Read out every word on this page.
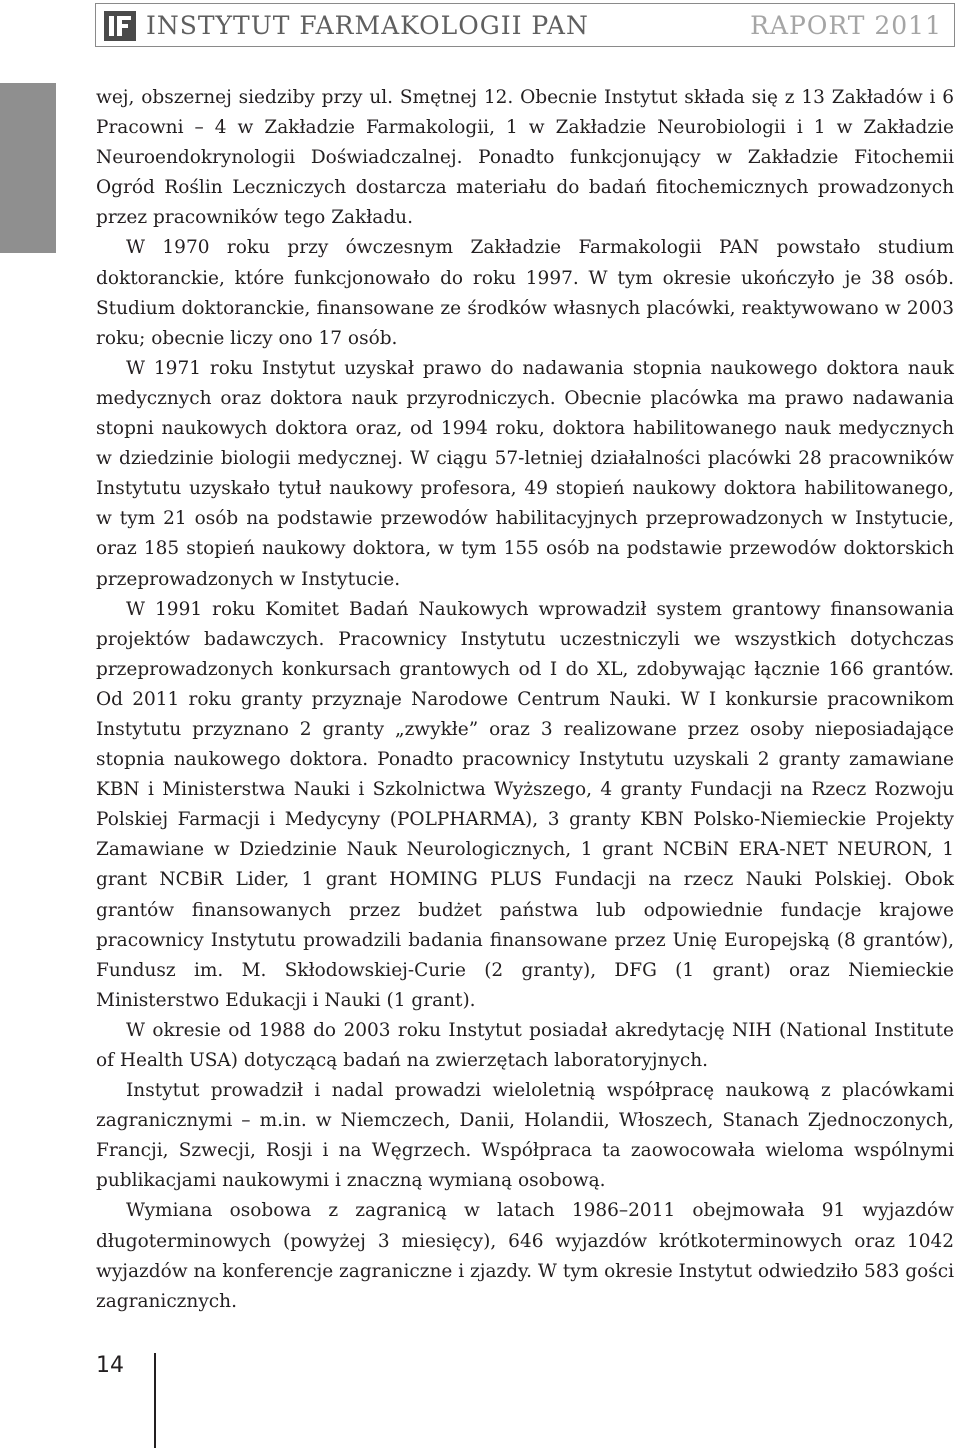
INSTYTUT FARMAKOLOGII PAN	RAPORT 2011

wej, obszernej siedziby przy ul. Smętnej 12. Obecnie Instytut składa się z 13 Zakładów i 6 Pracowni – 4 w Zakładzie Farmakologii, 1 w Zakładzie Neurobiologii i 1 w Zakładzie Neuroendokrynologii Doświadczalnej. Ponadto funkcjonujący w Zakładzie Fitochemii Ogród Roślin Leczniczych dostarcza materiału do badań fitochemicznych prowadzonych przez pracowników tego Zakładu.

W 1970 roku przy ówczesnym Zakładzie Farmakologii PAN powstało studium doktoranckie, które funkcjonowało do roku 1997. W tym okresie ukończyło je 38 osób. Studium doktoranckie, finansowane ze środków własnych placówki, reaktywowano w 2003 roku; obecnie liczy ono 17 osób.

W 1971 roku Instytut uzyskał prawo do nadawania stopnia naukowego doktora nauk medycznych oraz doktora nauk przyrodniczych. Obecnie placówka ma prawo nadawania stopni naukowych doktora oraz, od 1994 roku, doktora habilitowanego nauk medycznych w dziedzinie biologii medycznej. W ciągu 57-letniej działalności placówki 28 pracowników Instytutu uzyskało tytuł naukowy profesora, 49 stopień naukowy doktora habilitowanego, w tym 21 osób na podstawie przewodów habilitacyjnych przeprowadzonych w Instytucie, oraz 185 stopień naukowy doktora, w tym 155 osób na podstawie przewodów doktorskich przeprowadzonych w Instytucie.

W 1991 roku Komitet Badań Naukowych wprowadził system grantowy finansowania projektów badawczych. Pracownicy Instytutu uczestniczyli we wszystkich dotychczas przeprowadzonych konkursach grantowych od I do XL, zdobywając łącznie 166 grantów. Od 2011 roku granty przyznaje Narodowe Centrum Nauki. W I konkursie pracownikom Instytutu przyznano 2 granty „zwykłe” oraz 3 realizowane przez osoby nieposiadające stopnia naukowego doktora. Ponadto pracownicy Instytutu uzyskali 2 granty zamawiane KBN i Ministerstwa Nauki i Szkolnictwa Wyższego, 4 granty Fundacji na Rzecz Rozwoju Polskiej Farmacji i Medycyny (POLPHARMA), 3 granty KBN Polsko-Niemieckie Projekty Zamawiane w Dziedzinie Nauk Neurologicznych, 1 grant NCBiN ERA-NET NEURON, 1 grant NCBiR Lider, 1 grant HOMING PLUS Fundacji na rzecz Nauki Polskiej. Obok grantów finansowanych przez budżet państwa lub odpowiednie fundacje krajowe pracownicy Instytutu prowadzili badania finansowane przez Unię Europejską (8 grantów), Fundusz im. M. Skłodowskiej-Curie (2 granty), DFG (1 grant) oraz Niemieckie Ministerstwo Edukacji i Nauki (1 grant).

W okresie od 1988 do 2003 roku Instytut posiadał akredytację NIH (National Institute of Health USA) dotyczącą badań na zwierzętach laboratoryjnych.

Instytut prowadził i nadal prowadzi wieloletnią współpracę naukową z placówkami zagranicznymi – m.in. w Niemczech, Danii, Holandii, Włoszech, Stanach Zjednoczonych, Francji, Szwecji, Rosji i na Węgrzech. Współpraca ta zaowocowała wieloma wspólnymi publikacjami naukowymi i znaczną wymianą osobową.

Wymiana osobowa z zagranicą w latach 1986–2011 obejmowała 91 wyjazdów długoterminowych (powyżej 3 miesięcy), 646 wyjazdów krótkoterminowych oraz 1042 wyjazdów na konferencje zagraniczne i zjazdy. W tym okresie Instytut odwiedziło 583 gości zagranicznych.

14
